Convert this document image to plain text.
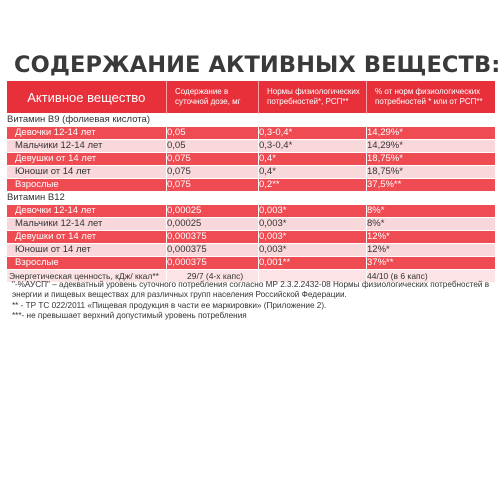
СОДЕРЖАНИЕ АКТИВНЫХ ВЕЩЕСТВ:
Активное вещество	Содержание в суточной дозе, мг	Нормы физиологических потребностей*, РСП**	% от норм физиологических потребностей * или от РСП**
Витамин В9 (фолиевая кислота)			
Девочки 12-14 лет	0,05	0,3-0,4*	14,29%*
Мальчики 12-14 лет	0,05	0,3-0,4*	14,29%*
Девушки от 14 лет	0,075	0,4*	18,75%*
Юноши от 14 лет	0,075	0,4*	18,75%*
Взрослые	0,075	0,2**	37,5%**
Витамин В12			
Девочки 12-14 лет	0,00025	0,003*	8%*
Мальчики 12-14 лет	0,00025	0,003*	8%*
Девушки от 14 лет	0,000375	0,003*	12%*
Юноши от 14 лет	0,000375	0,003*	12%*
Взрослые	0,000375	0,001**	37%**
Энергетическая ценность, кДж/ ккал**	29/7 (4-х капс)		44/10 (в 6 капс)
"-%АУСП" – адекватный уровень суточного потребления согласно МР 2.3.2.2432-08 Нормы физиологических потребностей в
энергии и пищевых веществах для различных групп населения Российской Федерации.
** - ТР ТС 022/2011 «Пищевая продукция в части ее маркировки» (Приложение 2).
***- не превышает верхний допустимый уровень потребления
